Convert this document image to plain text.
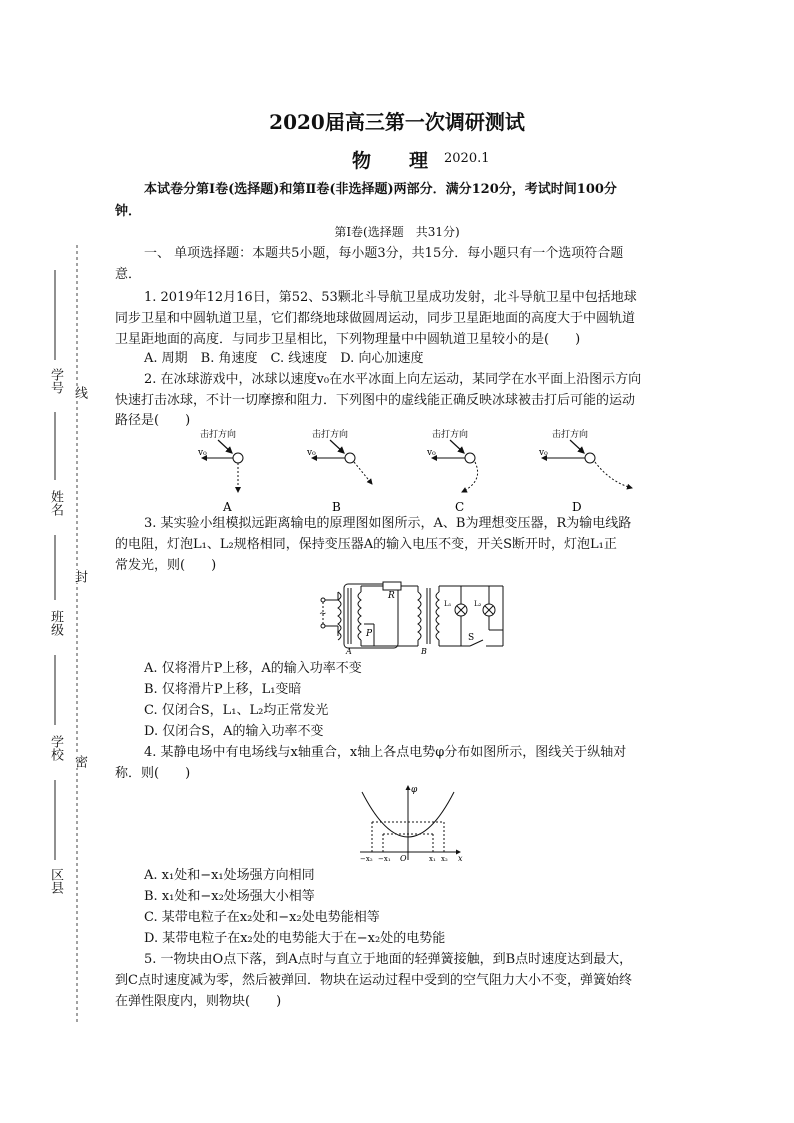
学号
姓名
班级
学校
区县
线
封
密
2020届高三第一次调研测试
物　　理 2020.1
本试卷分第Ⅰ卷(选择题)和第Ⅱ卷(非选择题)两部分．满分120分，考试时间100分
钟．
第Ⅰ卷(选择题　共31分)
一、 单项选择题：本题共5小题，每小题3分，共15分．每小题只有一个选项符合题
意．
1. 2019年12月16日，第52、53颗北斗导航卫星成功发射，北斗导航卫星中包括地球
同步卫星和中圆轨道卫星，它们都绕地球做圆周运动，同步卫星距地面的高度大于中圆轨道
卫星距地面的高度．与同步卫星相比，下列物理量中中圆轨道卫星较小的是(　　)
A. 周期　B. 角速度　C. 线速度　D. 向心加速度
2. 在冰球游戏中，冰球以速度v₀在水平冰面上向左运动，某同学在水平面上沿图示方向
快速打击冰球，不计一切摩擦和阻力．下列图中的虚线能正确反映冰球被击打后可能的运动
路径是(　　)
击打方向
v₀
A
击打方向
v₀
B
击打方向
v₀
C
击打方向
v₀
D
3. 某实验小组模拟远距离输电的原理图如图所示，A、B为理想变压器，R为输电线路
的电阻，灯泡L₁、L₂规格相同，保持变压器A的输入电压不变，开关S断开时，灯泡L₁正
常发光，则(　　)
~
R
P
A	B
L₁	L₂
S
A. 仅将滑片P上移，A的输入功率不变
B. 仅将滑片P上移，L₁变暗
C. 仅闭合S，L₁、L₂均正常发光
D. 仅闭合S，A的输入功率不变
4. 某静电场中有电场线与x轴重合，x轴上各点电势φ分布如图所示，图线关于纵轴对
称．则(　　)
φ
x
O
−x₂ −x₁	x₁ x₂
A. x₁处和−x₁处场强方向相同
B. x₁处和−x₂处场强大小相等
C. 某带电粒子在x₂处和−x₂处电势能相等
D. 某带电粒子在x₂处的电势能大于在−x₂处的电势能
5. 一物块由O点下落，到A点时与直立于地面的轻弹簧接触，到B点时速度达到最大，
到C点时速度减为零，然后被弹回．物块在运动过程中受到的空气阻力大小不变，弹簧始终
在弹性限度内，则物块(　　)
